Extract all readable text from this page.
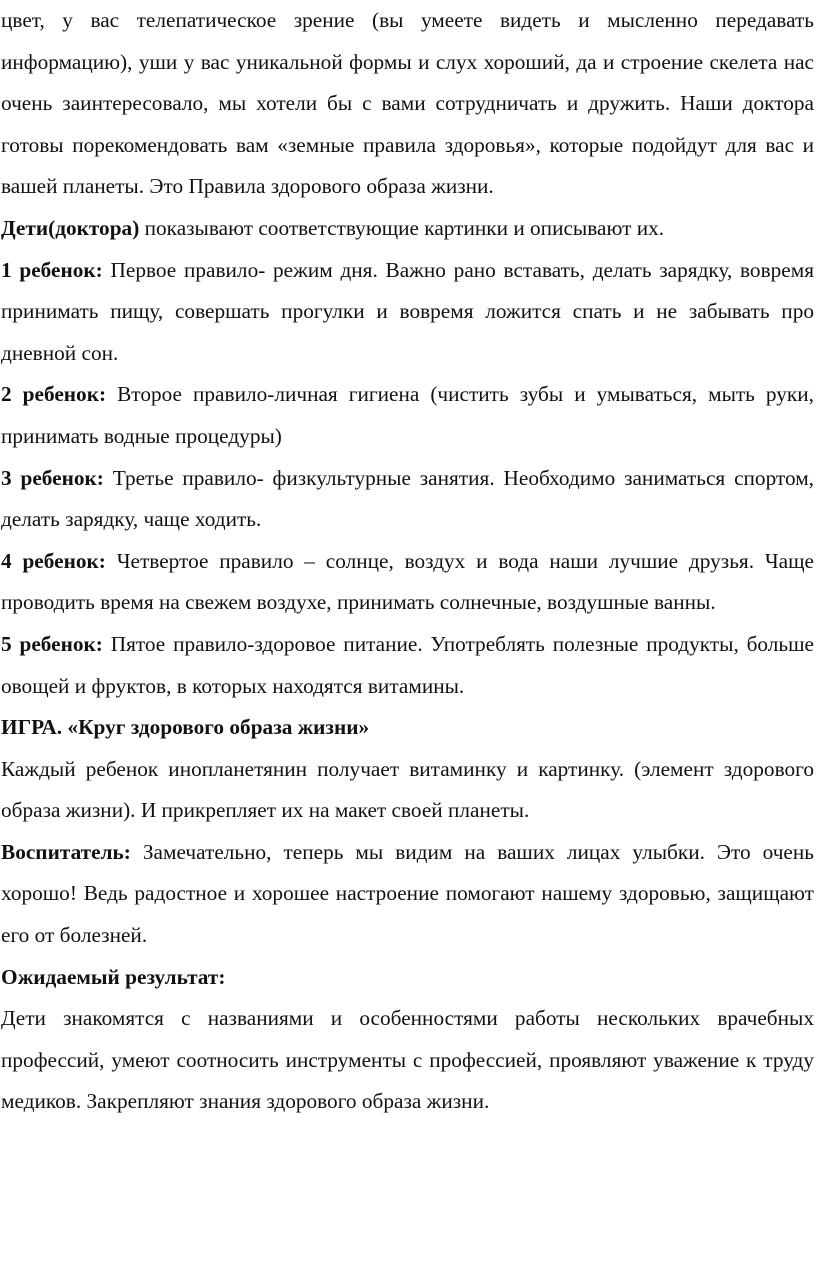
цвет, у вас телепатическое зрение (вы умеете видеть и мысленно передавать информацию), уши у вас уникальной формы и слух хороший, да и строение скелета нас очень заинтересовало, мы хотели бы с вами сотрудничать и дружить. Наши доктора готовы порекомендовать вам «земные правила здоровья», которые подойдут для вас и вашей планеты. Это Правила здорового образа жизни.

Дети(доктора) показывают соответствующие картинки и описывают их.

1 ребенок: Первое правило- режим дня. Важно рано вставать, делать зарядку, вовремя принимать пищу, совершать прогулки и вовремя ложится спать и не забывать про дневной сон.

2 ребенок: Второе правило-личная гигиена (чистить зубы и умываться, мыть руки, принимать водные процедуры)

3 ребенок: Третье правило- физкультурные занятия. Необходимо заниматься спортом, делать зарядку, чаще ходить.

4 ребенок: Четвертое правило – солнце, воздух и вода наши лучшие друзья. Чаще проводить время на свежем воздухе, принимать солнечные, воздушные ванны.

5 ребенок: Пятое правило-здоровое питание. Употреблять полезные продукты, больше овощей и фруктов, в которых находятся витамины.

ИГРА. «Круг здорового образа жизни»

Каждый ребенок инопланетянин получает витаминку и картинку. (элемент здорового образа жизни). И прикрепляет их на макет своей планеты.

Воспитатель: Замечательно, теперь мы видим на ваших лицах улыбки. Это очень хорошо! Ведь радостное и хорошее настроение помогают нашему здоровью, защищают его от болезней.

Ожидаемый результат:

Дети знакомятся с названиями и особенностями работы нескольких врачебных профессий, умеют соотносить инструменты с профессией, проявляют уважение к труду медиков. Закрепляют знания здорового образа жизни.
